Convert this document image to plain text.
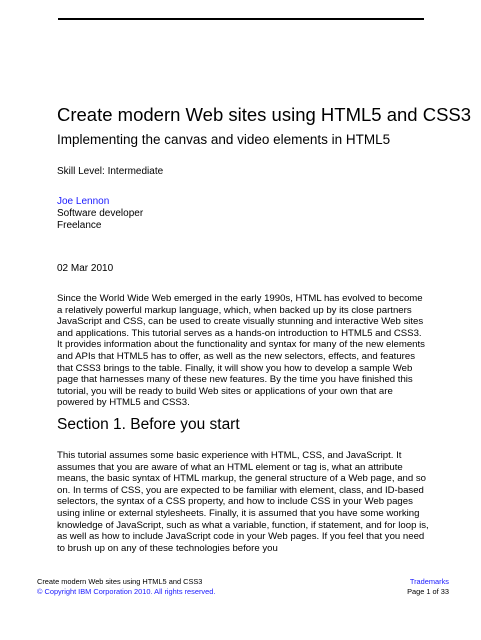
Create modern Web sites using HTML5 and CSS3
Implementing the canvas and video elements in HTML5
Skill Level: Intermediate
Joe Lennon
Software developer
Freelance
02 Mar 2010

Since the World Wide Web emerged in the early 1990s, HTML has evolved to become a relatively powerful markup language, which, when backed up by its close partners JavaScript and CSS, can be used to create visually stunning and interactive Web sites and applications. This tutorial serves as a hands-on introduction to HTML5 and CSS3. It provides information about the functionality and syntax for many of the new elements and APIs that HTML5 has to offer, as well as the new selectors, effects, and features that CSS3 brings to the table. Finally, it will show you how to develop a sample Web page that harnesses many of these new features. By the time you have finished this tutorial, you will be ready to build Web sites or applications of your own that are powered by HTML5 and CSS3.

Section 1. Before you start

This tutorial assumes some basic experience with HTML, CSS, and JavaScript. It assumes that you are aware of what an HTML element or tag is, what an attribute means, the basic syntax of HTML markup, the general structure of a Web page, and so on. In terms of CSS, you are expected to be familiar with element, class, and ID-based selectors, the syntax of a CSS property, and how to include CSS in your Web pages using inline or external stylesheets. Finally, it is assumed that you have some working knowledge of JavaScript, such as what a variable, function, if statement, and for loop is, as well as how to include JavaScript code in your Web pages. If you feel that you need to brush up on any of these technologies before you

Create modern Web sites using HTML5 and CSS3
© Copyright IBM Corporation 2010. All rights reserved.
Trademarks
Page 1 of 33
